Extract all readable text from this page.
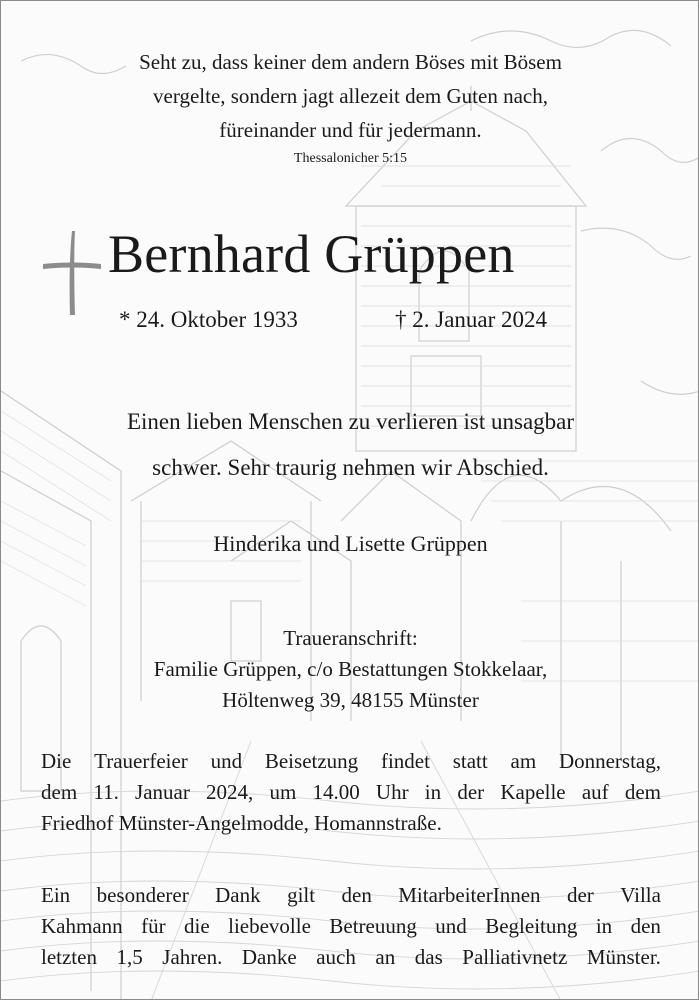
Seht zu, dass keiner dem andern Böses mit Bösem
vergelte, sondern jagt allezeit dem Guten nach,
füreinander und für jedermann.
Thessalonicher 5:15
Bernhard Grüppen
* 24. Oktober 1933	† 2. Januar 2024
Einen lieben Menschen zu verlieren ist unsagbar
schwer. Sehr traurig nehmen wir Abschied.
Hinderika und Lisette Grüppen
Traueranschrift:
Familie Grüppen, c/o Bestattungen Stokkelaar,
Höltenweg 39, 48155 Münster
Die Trauerfeier und Beisetzung findet statt am Donnerstag,
dem 11. Januar 2024, um 14.00 Uhr in der Kapelle auf dem
Friedhof Münster-Angelmodde, Homannstraße.
Ein besonderer Dank gilt den MitarbeiterInnen der Villa
Kahmann für die liebevolle Betreuung und Begleitung in den
letzten 1,5 Jahren. Danke auch an das Palliativnetz Münster.
